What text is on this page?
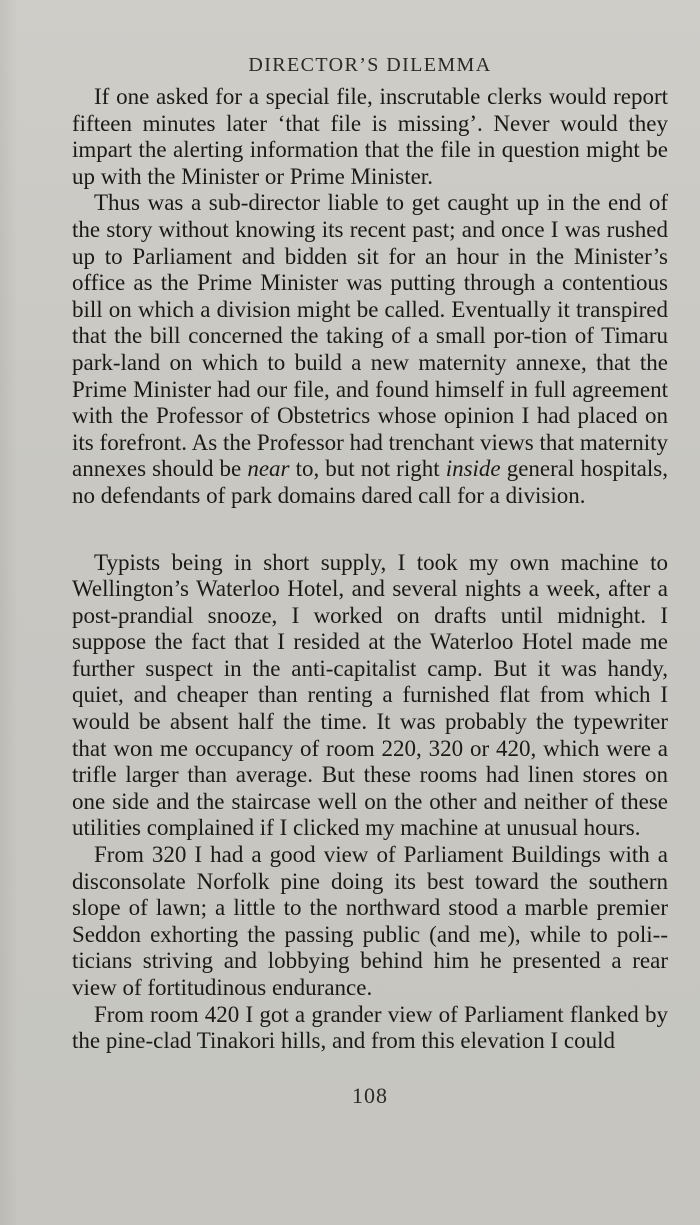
DIRECTOR’S DILEMMA

If one asked for a special file, inscrutable clerks would report fifteen minutes later ‘that file is missing’. Never would they impart the alerting information that the file in question might be up with the Minister or Prime Minister.

Thus was a sub-director liable to get caught up in the end of the story without knowing its recent past; and once I was rushed up to Parliament and bidden sit for an hour in the Minister’s office as the Prime Minister was putting through a contentious bill on which a division might be called. Eventually it transpired that the bill concerned the taking of a small por-tion of Timaru park-land on which to build a new maternity annexe, that the Prime Minister had our file, and found himself in full agreement with the Professor of Obstetrics whose opinion I had placed on its forefront. As the Professor had trenchant views that maternity annexes should be near to, but not right inside general hospitals, no defendants of park domains dared call for a division.

Typists being in short supply, I took my own machine to Wellington’s Waterloo Hotel, and several nights a week, after a post-prandial snooze, I worked on drafts until midnight. I suppose the fact that I resided at the Waterloo Hotel made me further suspect in the anti-capitalist camp. But it was handy, quiet, and cheaper than renting a furnished flat from which I would be absent half the time. It was probably the typewriter that won me occupancy of room 220, 320 or 420, which were a trifle larger than average. But these rooms had linen stores on one side and the staircase well on the other and neither of these utilities complained if I clicked my machine at unusual hours.

From 320 I had a good view of Parliament Buildings with a disconsolate Norfolk pine doing its best toward the southern slope of lawn; a little to the northward stood a marble premier Seddon exhorting the passing public (and me), while to poli-ticians striving and lobbying behind him he presented a rear view of fortitudinous endurance.

From room 420 I got a grander view of Parliament flanked by the pine-clad Tinakori hills, and from this elevation I could

108
